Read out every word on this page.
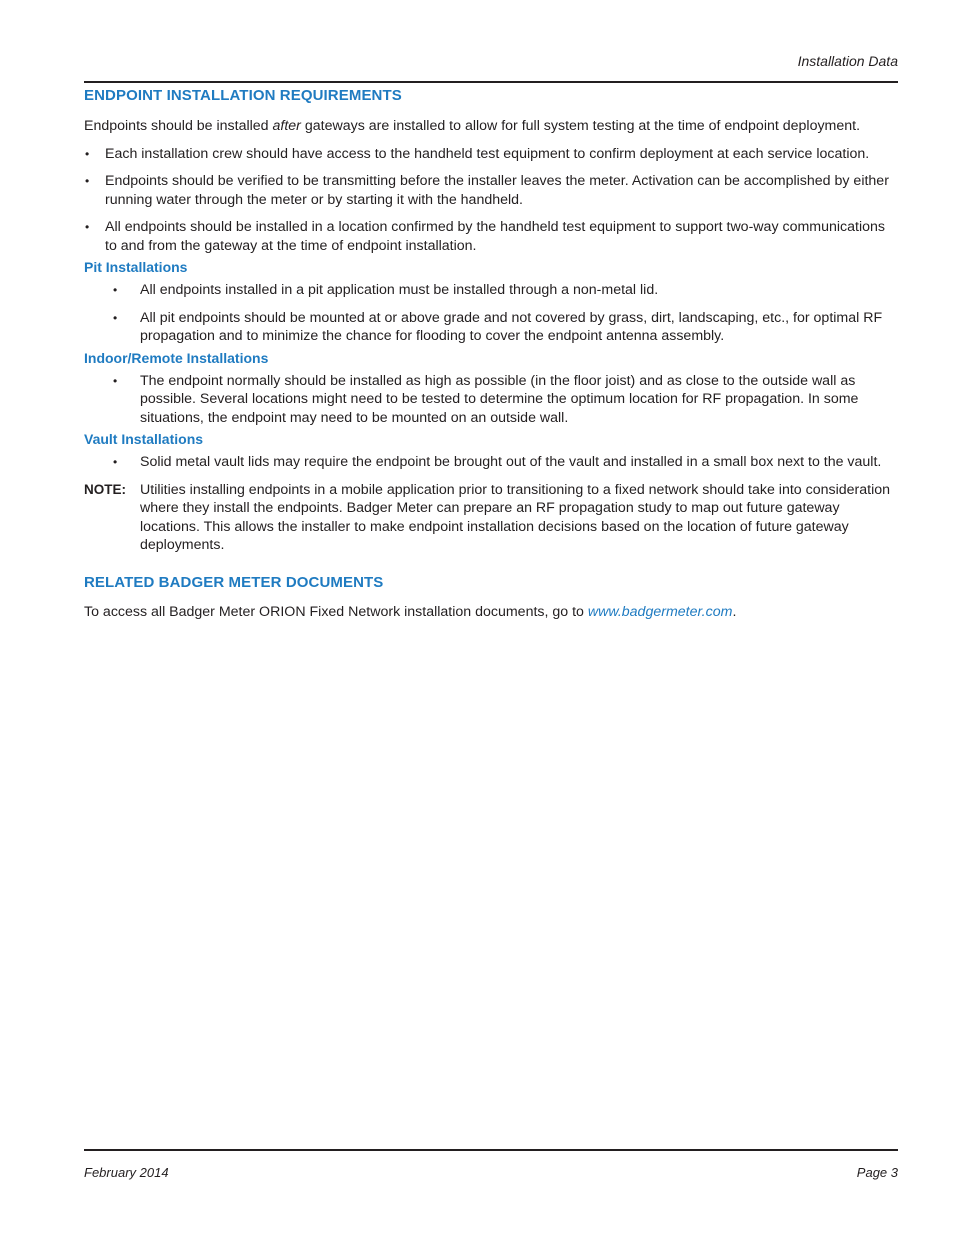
Installation Data
ENDPOINT INSTALLATION REQUIREMENTS

Endpoints should be installed after gateways are installed to allow for full system testing at the time of endpoint deployment.

• Each installation crew should have access to the handheld test equipment to confirm deployment at each service location.
• Endpoints should be verified to be transmitting before the installer leaves the meter. Activation can be accomplished by either running water through the meter or by starting it with the handheld.
• All endpoints should be installed in a location confirmed by the handheld test equipment to support two-way communications to and from the gateway at the time of endpoint installation.
Pit Installations
• All endpoints installed in a pit application must be installed through a non-metal lid.
• All pit endpoints should be mounted at or above grade and not covered by grass, dirt, landscaping, etc., for optimal RF propagation and to minimize the chance for flooding to cover the endpoint antenna assembly.
Indoor/Remote Installations
• The endpoint normally should be installed as high as possible (in the floor joist) and as close to the outside wall as possible. Several locations might need to be tested to determine the optimum location for RF propagation. In some situations, the endpoint may need to be mounted on an outside wall.
Vault Installations
• Solid metal vault lids may require the endpoint be brought out of the vault and installed in a small box next to the vault.
NOTE: Utilities installing endpoints in a mobile application prior to transitioning to a fixed network should take into consideration where they install the endpoints. Badger Meter can prepare an RF propagation study to map out future gateway locations. This allows the installer to make endpoint installation decisions based on the location of future gateway deployments.
RELATED BADGER METER DOCUMENTS

To access all Badger Meter ORION Fixed Network installation documents, go to www.badgermeter.com.

February 2014	Page 3
